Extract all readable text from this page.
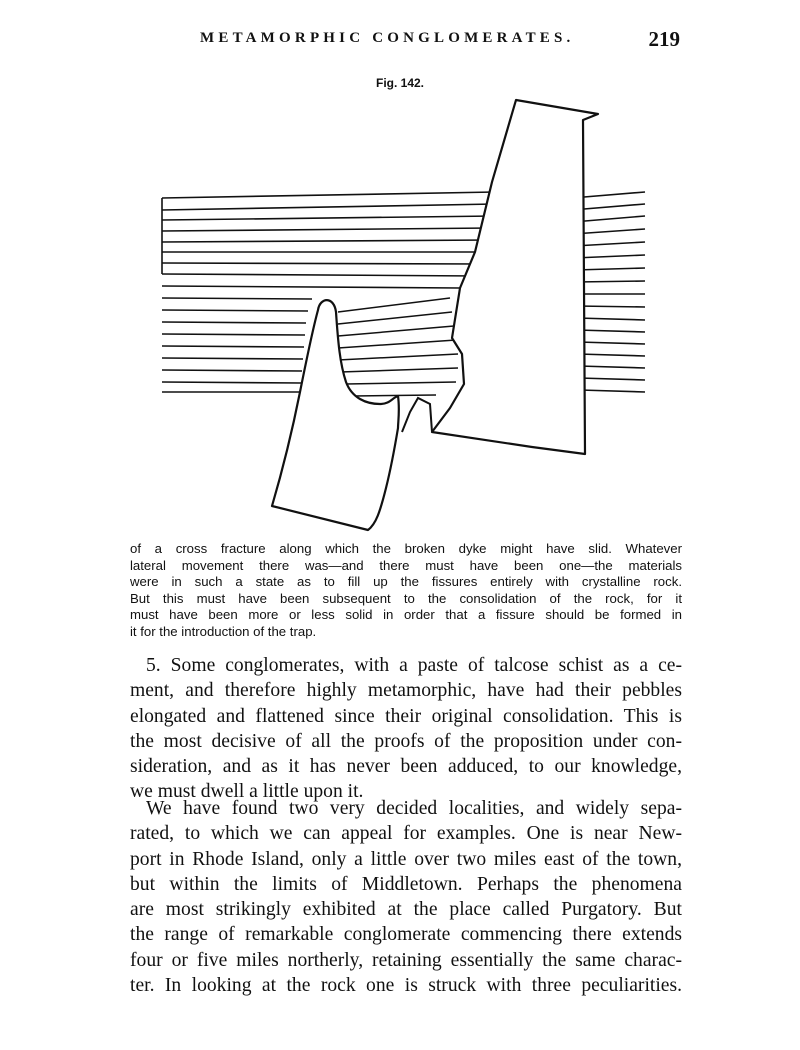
METAMORPHIC CONGLOMERATES.	219
Fig. 142.
of a cross fracture along which the broken dyke might have slid. Whatever
lateral movement there was—and there must have been one—the materials
were in such a state as to fill up the fissures entirely with crystalline rock.
But this must have been subsequent to the consolidation of the rock, for it
must have been more or less solid in order that a fissure should be formed in
it for the introduction of the trap.
5. Some conglomerates, with a paste of talcose schist as a ce-
ment, and therefore highly metamorphic, have had their pebbles
elongated and flattened since their original consolidation. This is
the most decisive of all the proofs of the proposition under con-
sideration, and as it has never been adduced, to our knowledge,
we must dwell a little upon it.
We have found two very decided localities, and widely sepa-
rated, to which we can appeal for examples. One is near New-
port in Rhode Island, only a little over two miles east of the town,
but within the limits of Middletown. Perhaps the phenomena
are most strikingly exhibited at the place called Purgatory. But
the range of remarkable conglomerate commencing there extends
four or five miles northerly, retaining essentially the same charac-
ter. In looking at the rock one is struck with three peculiarities.
